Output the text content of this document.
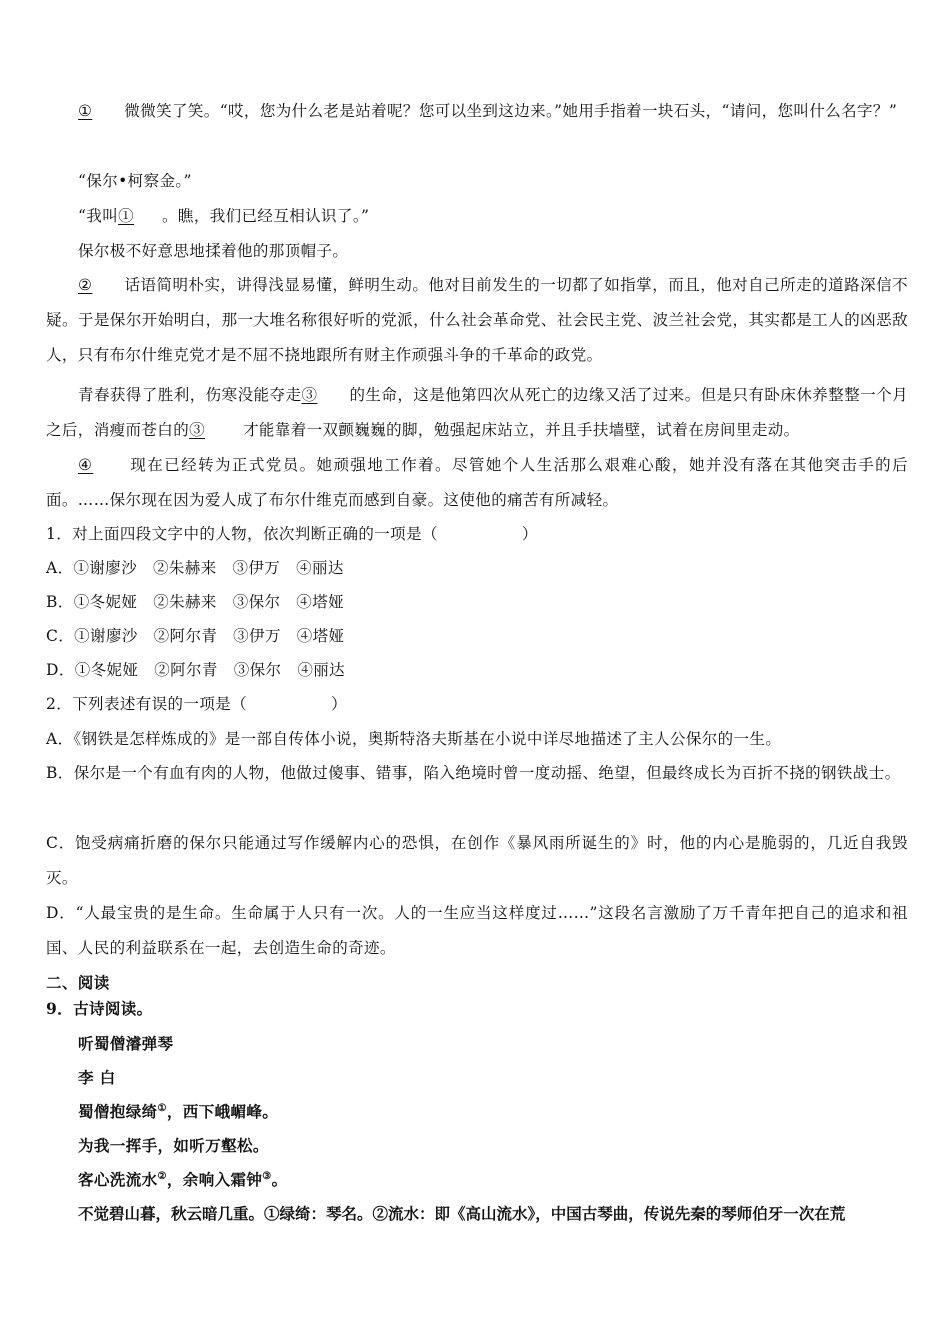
① 微微笑了笑。“哎，您为什么老是站着呢？您可以坐到这边来。”她用手指着一块石头，“请问，您叫什么名字？”
“保尔•柯察金。”
“我叫① 。瞧，我们已经互相认识了。”
保尔极不好意思地揉着他的那顶帽子。
② 话语简明朴实，讲得浅显易懂，鲜明生动。他对目前发生的一切都了如指掌，而且，他对自己所走的道路深信不疑。于是保尔开始明白，那一大堆名称很好听的党派，什么社会革命党、社会民主党、波兰社会党，其实都是工人的凶恶敌人，只有布尔什维克党才是不屈不挠地跟所有财主作顽强斗争的千革命的政党。
青春获得了胜利，伤寒没能夺走③ 的生命，这是他第四次从死亡的边缘又活了过来。但是只有卧床休养整整一个月之后，消瘦而苍白的③ 才能靠着一双颤巍巍的脚，勉强起床站立，并且手扶墙壁，试着在房间里走动。
④ 现在已经转为正式党员。她顽强地工作着。尽管她个人生活那么艰难心酸，她并没有落在其他突击手的后面。……保尔现在因为爱人成了布尔什维克而感到自豪。这使他的痛苦有所减轻。
1．对上面四段文字中的人物，依次判断正确的一项是（	）
A．①谢廖沙　②朱赫来　③伊万　④丽达
B．①冬妮娅　②朱赫来　③保尔　④塔娅
C．①谢廖沙　②阿尔青　③伊万　④塔娅
D．①冬妮娅　②阿尔青　③保尔　④丽达
2．下列表述有误的一项是（	）
A．《钢铁是怎样炼成的》是一部自传体小说，奥斯特洛夫斯基在小说中详尽地描述了主人公保尔的一生。
B．保尔是一个有血有肉的人物，他做过傻事、错事，陷入绝境时曾一度动摇、绝望，但最终成长为百折不挠的钢铁战士。
C．饱受病痛折磨的保尔只能通过写作缓解内心的恐惧，在创作《暴风雨所诞生的》时，他的内心是脆弱的，几近自我毁灭。
D．“人最宝贵的是生命。生命属于人只有一次。人的一生应当这样度过……”这段名言激励了万千青年把自己的追求和祖国、人民的利益联系在一起，去创造生命的奇迹。
二、阅读
9．古诗阅读。
听蜀僧濬弹琴
李 白
蜀僧抱绿绮①，西下峨嵋峰。
为我一挥手，如听万壑松。
客心洗流水②，余响入霜钟③。
不觉碧山暮，秋云暗几重。①绿绮：琴名。②流水：即《高山流水》，中国古琴曲，传说先秦的琴师伯牙一次在荒
